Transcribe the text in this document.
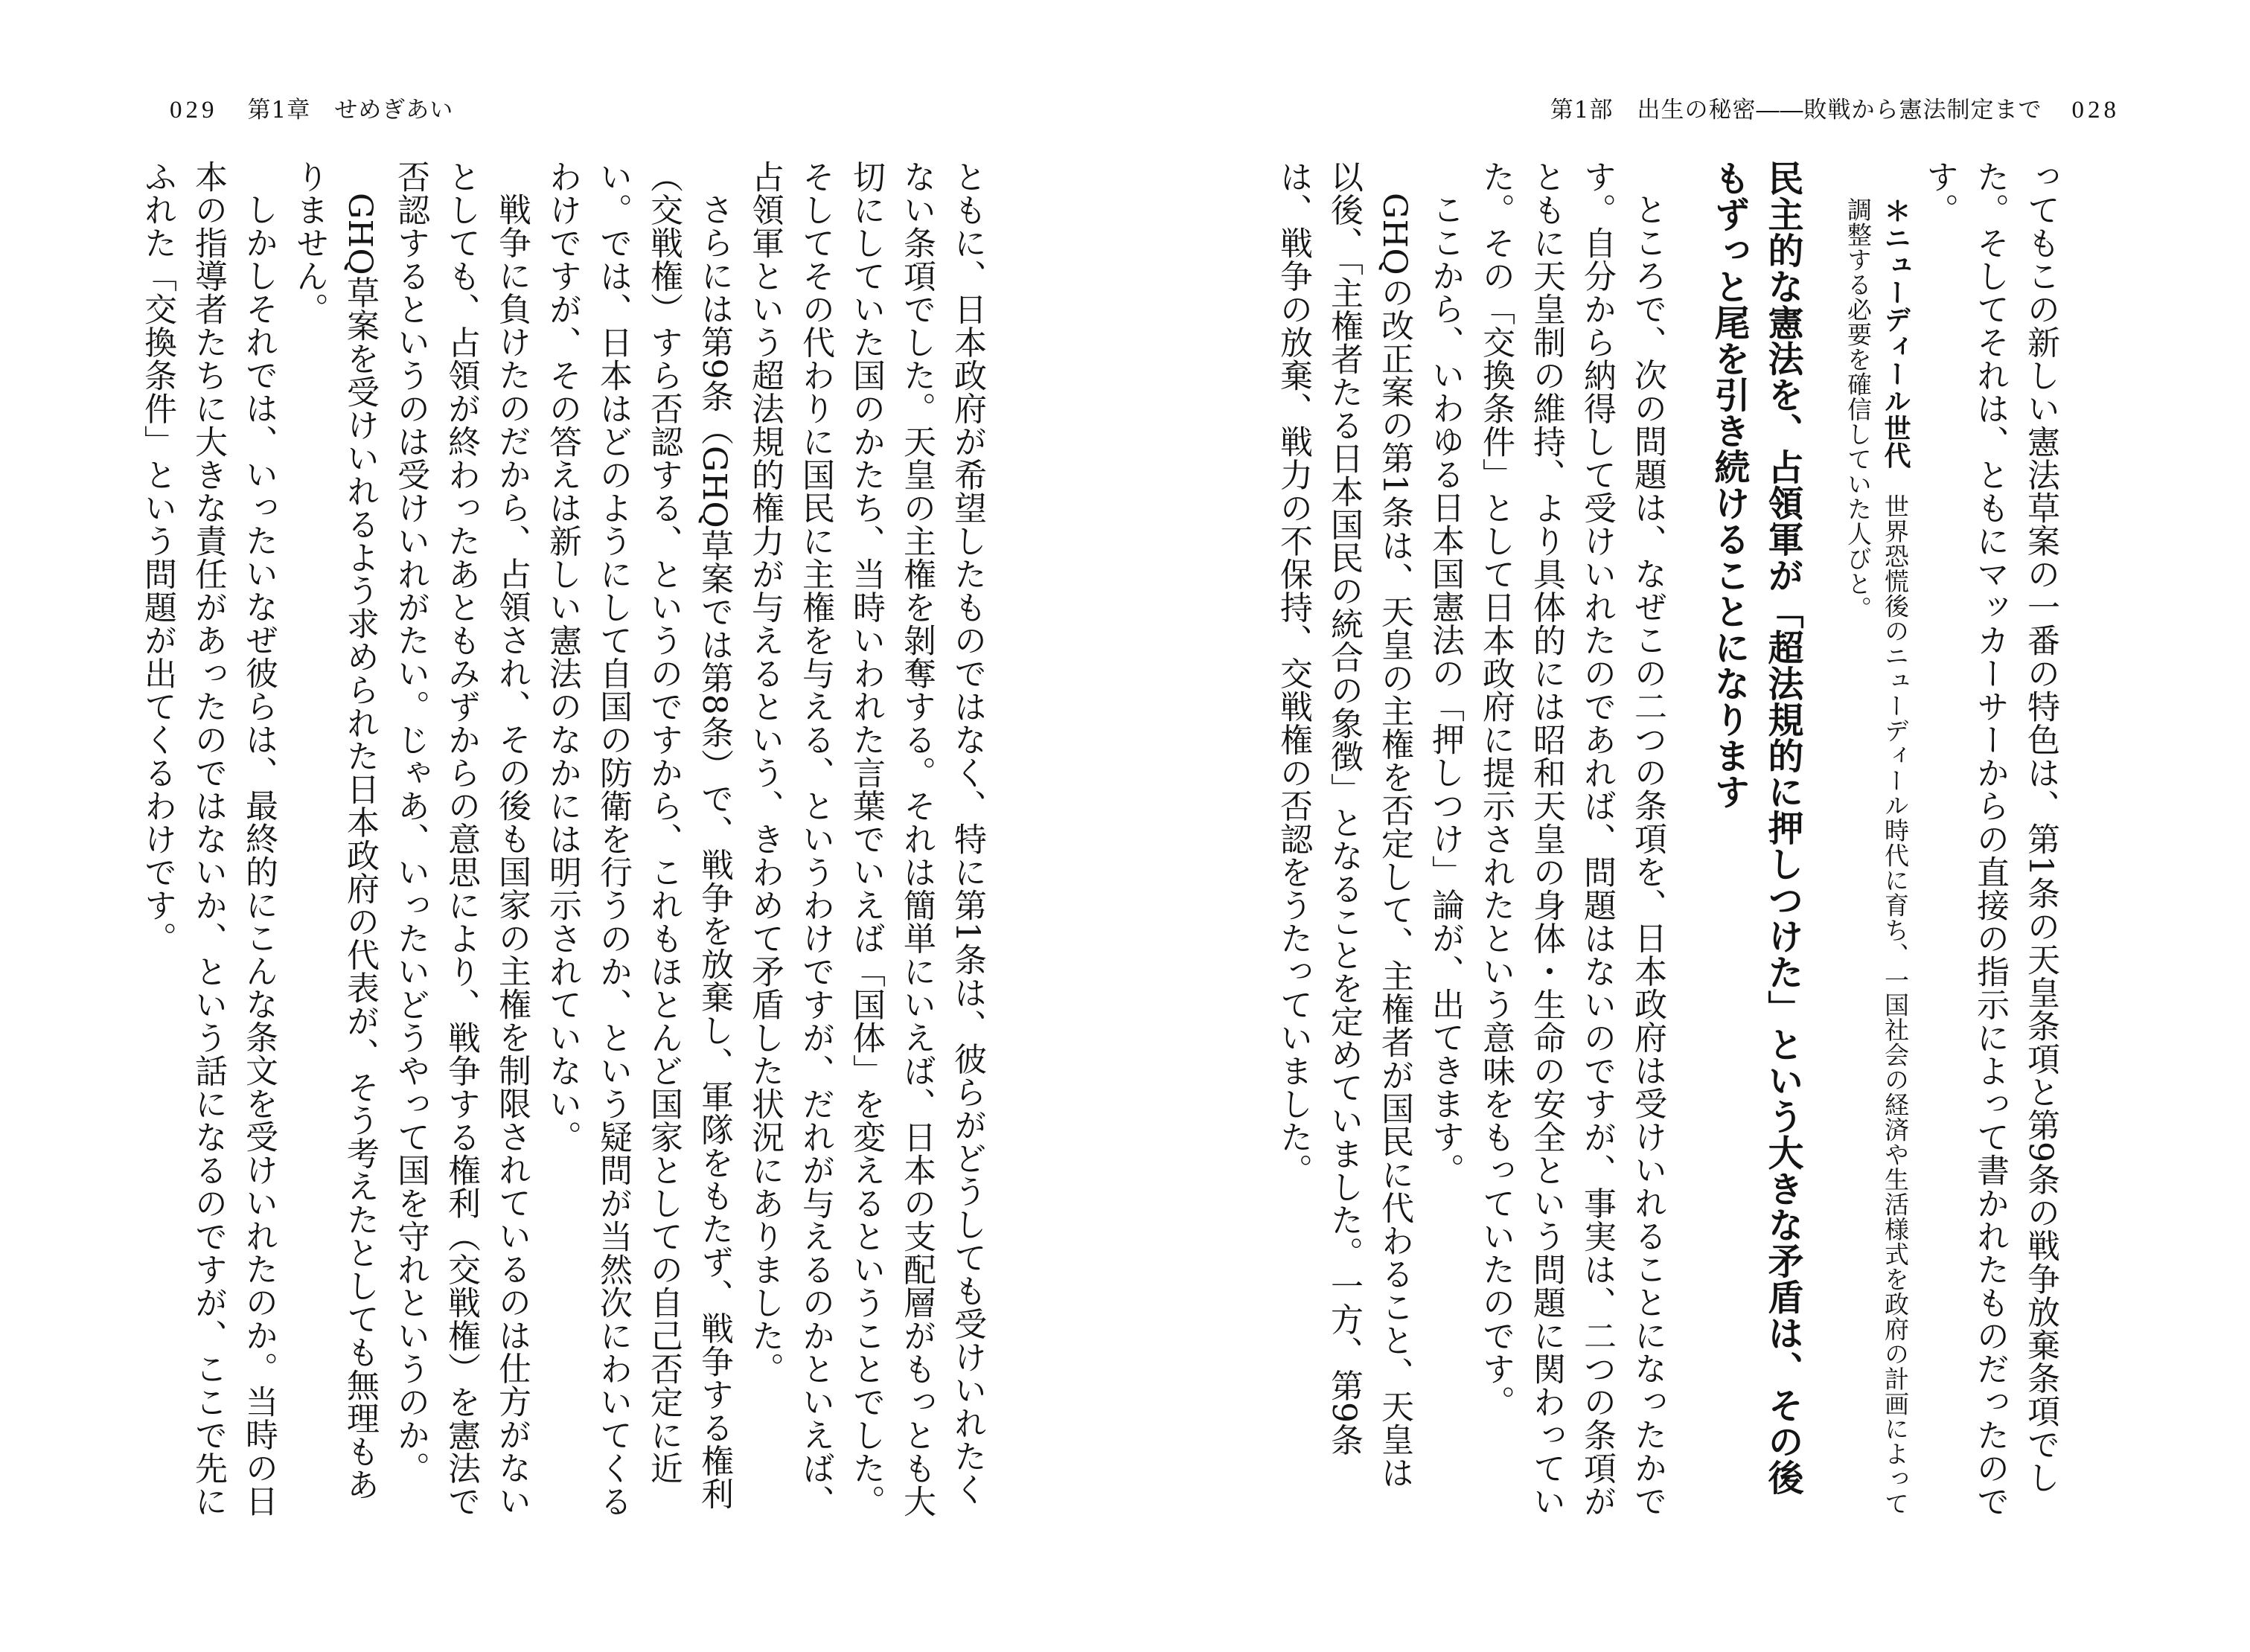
029 第1章　せめぎあい	第1部　出生の秘密――敗戦から憲法制定まで 028

ってもこの新しい憲法草案の一番の特色は、第1条の天皇条項と第9条の戦争放棄条項でした。そしてそれは、ともにマッカーサーからの直接の指示によって書かれたものだったのです。

＊ニューディール世代　世界恐慌後のニューディール時代に育ち、一国社会の経済や生活様式を政府の計画によって調整する必要を確信していた人びと。
民主的な憲法を、占領軍が「超法規的に押しつけた」という大きな矛盾は、その後もずっと尾を引き続けることになります

ところで、次の問題は、なぜこの二つの条項を、日本政府は受けいれることになったかです。自分から納得して受けいれたのであれば、問題はないのですが、事実は、二つの条項がともに天皇制の維持、より具体的には昭和天皇の身体・生命の安全という問題に関わっていた。その「交換条件」として日本政府に提示されたという意味をもっていたのです。

ここから、いわゆる日本国憲法の「押しつけ」論が、出てきます。

GHQの改正案の第1条は、天皇の主権を否定して、主権者が国民に代わること、天皇は以後、「主権者たる日本国民の統合の象徴」となることを定めていました。一方、第9条は、戦争の放棄、戦力の不保持、交戦権の否認をうたっていました。

ともに、日本政府が希望したものではなく、特に第1条は、彼らがどうしても受けいれたくない条項でした。天皇の主権を剝奪する。それは簡単にいえば、日本の支配層がもっとも大切にしていた国のかたち、当時いわれた言葉でいえば「国体」を変えるということでした。そしてその代わりに国民に主権を与える、というわけですが、だれが与えるのかといえば、占領軍という超法規的権力が与えるという、きわめて矛盾した状況にありました。

さらには第9条（GHQ草案では第8条）で、戦争を放棄し、軍隊をもたず、戦争する権利（交戦権）すら否認する、というのですから、これもほとんど国家としての自己否定に近い。では、日本はどのようにして自国の防衛を行うのか、という疑問が当然次にわいてくるわけですが、その答えは新しい憲法のなかには明示されていない。

戦争に負けたのだから、占領され、その後も国家の主権を制限されているのは仕方がないとしても、占領が終わったあともみずからの意思により、戦争する権利（交戦権）を憲法で否認するというのは受けいれがたい。じゃあ、いったいどうやって国を守れというのか。

GHQ草案を受けいれるよう求められた日本政府の代表が、そう考えたとしても無理もありません。

しかしそれでは、いったいなぜ彼らは、最終的にこんな条文を受けいれたのか。当時の日本の指導者たちに大きな責任があったのではないか、という話になるのですが、ここで先にふれた「交換条件」という問題が出てくるわけです。
